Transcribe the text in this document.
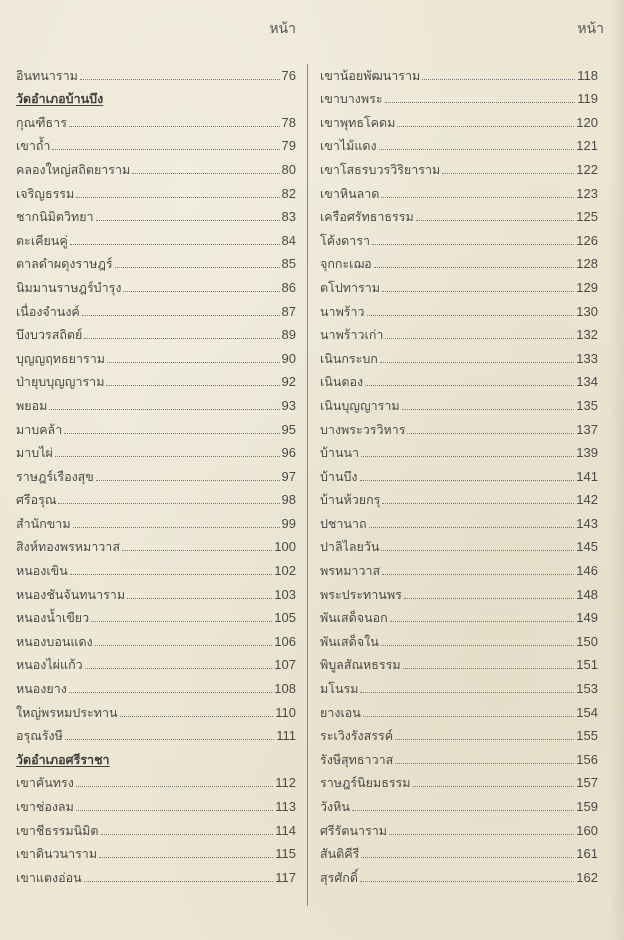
หน้า
อินทนาราม	76
วัดอำเภอบ้านบึง
กุณฑีธาร	78
เขาถ้ำ	79
คลองใหญ่สถิตยาราม	80
เจริญธรรม	82
ชากนิมิตวิทยา	83
ตะเคียนคู่	84
ตาลดำผดุงราษฎร์	85
นิมมานราษฎร์บำรุง	86
เนื่องจำนงค์	87
บึงบวรสถิตย์	89
บุญญฤทธยาราม	90
ป่ายุบบุญญาราม	92
พยอม	93
มาบคล้า	95
มาบไผ่	96
ราษฎร์เรืองสุข	97
ศรีอรุณ	98
สำนักขาม	99
สิงห์ทองพรหมาวาส	100
หนองเขิน	102
หนองชันจันทนาราม	103
หนองน้ำเขียว	105
หนองบอนแดง	106
หนองไผ่แก้ว	107
หนองยาง	108
ใหญ่พรหมประทาน	110
อรุณรังษี	111
วัดอำเภอศรีราชา
เขาคันทรง	112
เขาช่องลม	113
เขาชีธรรมนิมิต	114
เขาดินวนาราม	115
เขาแตงอ่อน	117
หน้า
เขาน้อยพัฒนาราม	118
เขาบางพระ	119
เขาพุทธโคดม	120
เขาไม้แดง	121
เขาโสธรบวรวิริยาราม	122
เขาหินลาด	123
เครือศรัทธาธรรม	125
โค้งดารา	126
จุกกะเฌอ	128
ตโปทาราม	129
นาพร้าว	130
นาพร้าวเก่า	132
เนินกระบก	133
เนินตอง	134
เนินบุญญาราม	135
บางพระวรวิหาร	137
บ้านนา	139
บ้านบึง	141
บ้านห้วยกรุ	142
ปชานาถ	143
ปาลิไลยวัน	145
พรหมาวาส	146
พระประทานพร	148
พันเสด็จนอก	149
พันเสด็จใน	150
พิบูลสัณหธรรม	151
มโนรม	153
ยางเอน	154
ระเวิงรังสรรค์	155
รังษีสุทธาวาส	156
ราษฎร์นิยมธรรม	157
วังหิน	159
ศรีรัตนาราม	160
สันติคีรี	161
สุรศักดิ์	162
